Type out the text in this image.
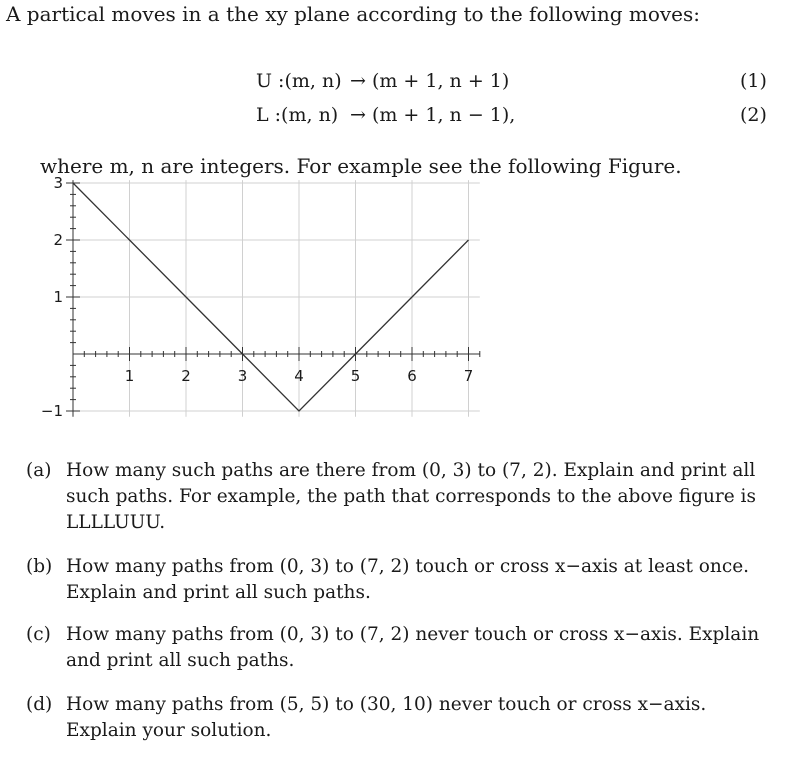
A partical moves in a the xy plane according to the following moves:
U :(m, n) → (m + 1, n + 1)	(1)
L :(m, n) → (m + 1, n − 1),	(2)
where m, n are integers. For example see the following Figure.
1	2	3	4	5	6	7
3
2
1
−1
(a) How many such paths are there from (0, 3) to (7, 2). Explain and print all such paths. For example, the path that corresponds to the above figure is LLLLUUU.
(b) How many paths from (0, 3) to (7, 2) touch or cross x−axis at least once. Explain and print all such paths.
(c) How many paths from (0, 3) to (7, 2) never touch or cross x−axis. Explain and print all such paths.
(d) How many paths from (5, 5) to (30, 10) never touch or cross x−axis. Explain your solution.
